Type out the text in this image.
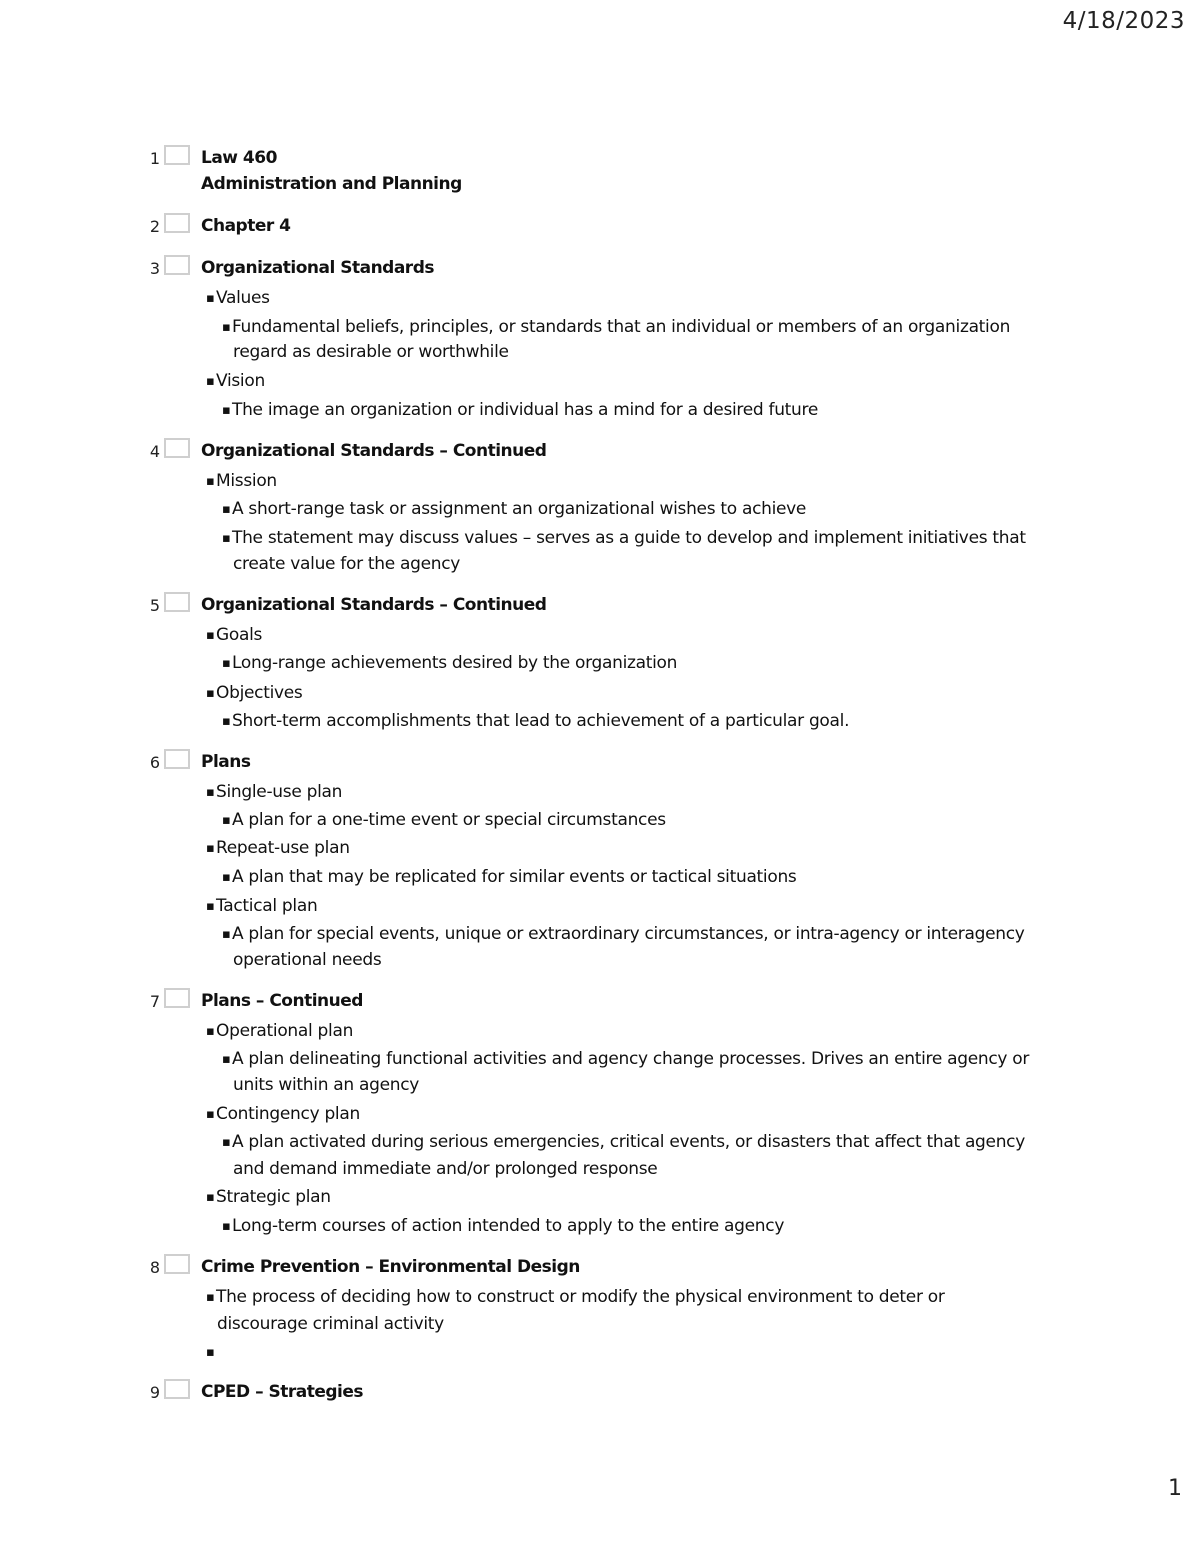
4/18/2023
1 Law 460
Administration and Planning
2 Chapter 4
3 Organizational Standards
▪Values
▪Fundamental beliefs, principles, or standards that an individual or members of an organization
regard as desirable or worthwhile
▪Vision
▪The image an organization or individual has a mind for a desired future
4 Organizational Standards – Continued
▪Mission
▪A short-range task or assignment an organizational wishes to achieve
▪The statement may discuss values – serves as a guide to develop and implement initiatives that
create value for the agency
5 Organizational Standards – Continued
▪Goals
▪Long-range achievements desired by the organization
▪Objectives
▪Short-term accomplishments that lead to achievement of a particular goal.
6 Plans
▪Single-use plan
▪A plan for a one-time event or special circumstances
▪Repeat-use plan
▪A plan that may be replicated for similar events or tactical situations
▪Tactical plan
▪A plan for special events, unique or extraordinary circumstances, or intra-agency or interagency
operational needs
7 Plans – Continued
▪Operational plan
▪A plan delineating functional activities and agency change processes. Drives an entire agency or
units within an agency
▪Contingency plan
▪A plan activated during serious emergencies, critical events, or disasters that affect that agency
and demand immediate and/or prolonged response
▪Strategic plan
▪Long-term courses of action intended to apply to the entire agency
8 Crime Prevention – Environmental Design
▪The process of deciding how to construct or modify the physical environment to deter or
discourage criminal activity
▪
9 CPED – Strategies
1
